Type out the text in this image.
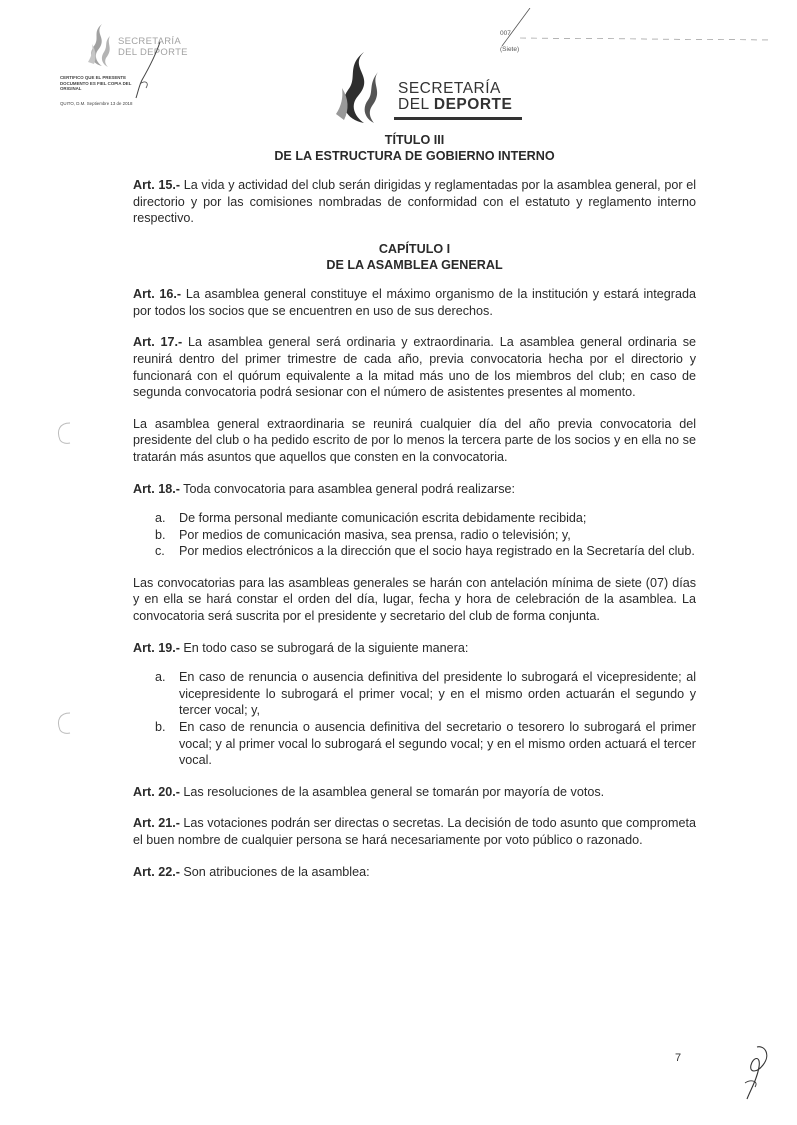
SECRETARÍA
DEL DEPORTE
CERTIFICO QUE EL PRESENTE
DOCUMENTO ES FIEL COPIA DEL
ORIGINAL
QUITO, D.M. Septiembre 13 de 2018
007
(Siete)
SECRETARÍA
DEL DEPORTE
TÍTULO III
DE LA ESTRUCTURA DE GOBIERNO INTERNO

Art. 15.- La vida y actividad del club serán dirigidas y reglamentadas por la asamblea general, por el directorio y por las comisiones nombradas de conformidad con el estatuto y reglamento interno respectivo.

CAPÍTULO I
DE LA ASAMBLEA GENERAL

Art. 16.- La asamblea general constituye el máximo organismo de la institución y estará integrada por todos los socios que se encuentren en uso de sus derechos.

Art. 17.- La asamblea general será ordinaria y extraordinaria. La asamblea general ordinaria se reunirá dentro del primer trimestre de cada año, previa convocatoria hecha por el directorio y funcionará con el quórum equivalente a la mitad más uno de los miembros del club; en caso de segunda convocatoria podrá sesionar con el número de asistentes presentes al momento.

La asamblea general extraordinaria se reunirá cualquier día del año previa convocatoria del presidente del club o ha pedido escrito de por lo menos la tercera parte de los socios y en ella no se tratarán más asuntos que aquellos que consten en la convocatoria.

Art. 18.- Toda convocatoria para asamblea general podrá realizarse:

a. De forma personal mediante comunicación escrita debidamente recibida;
b. Por medios de comunicación masiva, sea prensa, radio o televisión; y,
c. Por medios electrónicos a la dirección que el socio haya registrado en la Secretaría del club.

Las convocatorias para las asambleas generales se harán con antelación mínima de siete (07) días y en ella se hará constar el orden del día, lugar, fecha y hora de celebración de la asamblea. La convocatoria será suscrita por el presidente y secretario del club de forma conjunta.

Art. 19.- En todo caso se subrogará de la siguiente manera:

a. En caso de renuncia o ausencia definitiva del presidente lo subrogará el vicepresidente; al vicepresidente lo subrogará el primer vocal; y en el mismo orden actuarán el segundo y tercer vocal; y,
b. En caso de renuncia o ausencia definitiva del secretario o tesorero lo subrogará el primer vocal; y al primer vocal lo subrogará el segundo vocal; y en el mismo orden actuará el tercer vocal.

Art. 20.- Las resoluciones de la asamblea general se tomarán por mayoría de votos.

Art. 21.- Las votaciones podrán ser directas o secretas. La decisión de todo asunto que comprometa el buen nombre de cualquier persona se hará necesariamente por voto público o razonado.

Art. 22.- Son atribuciones de la asamblea:

7
